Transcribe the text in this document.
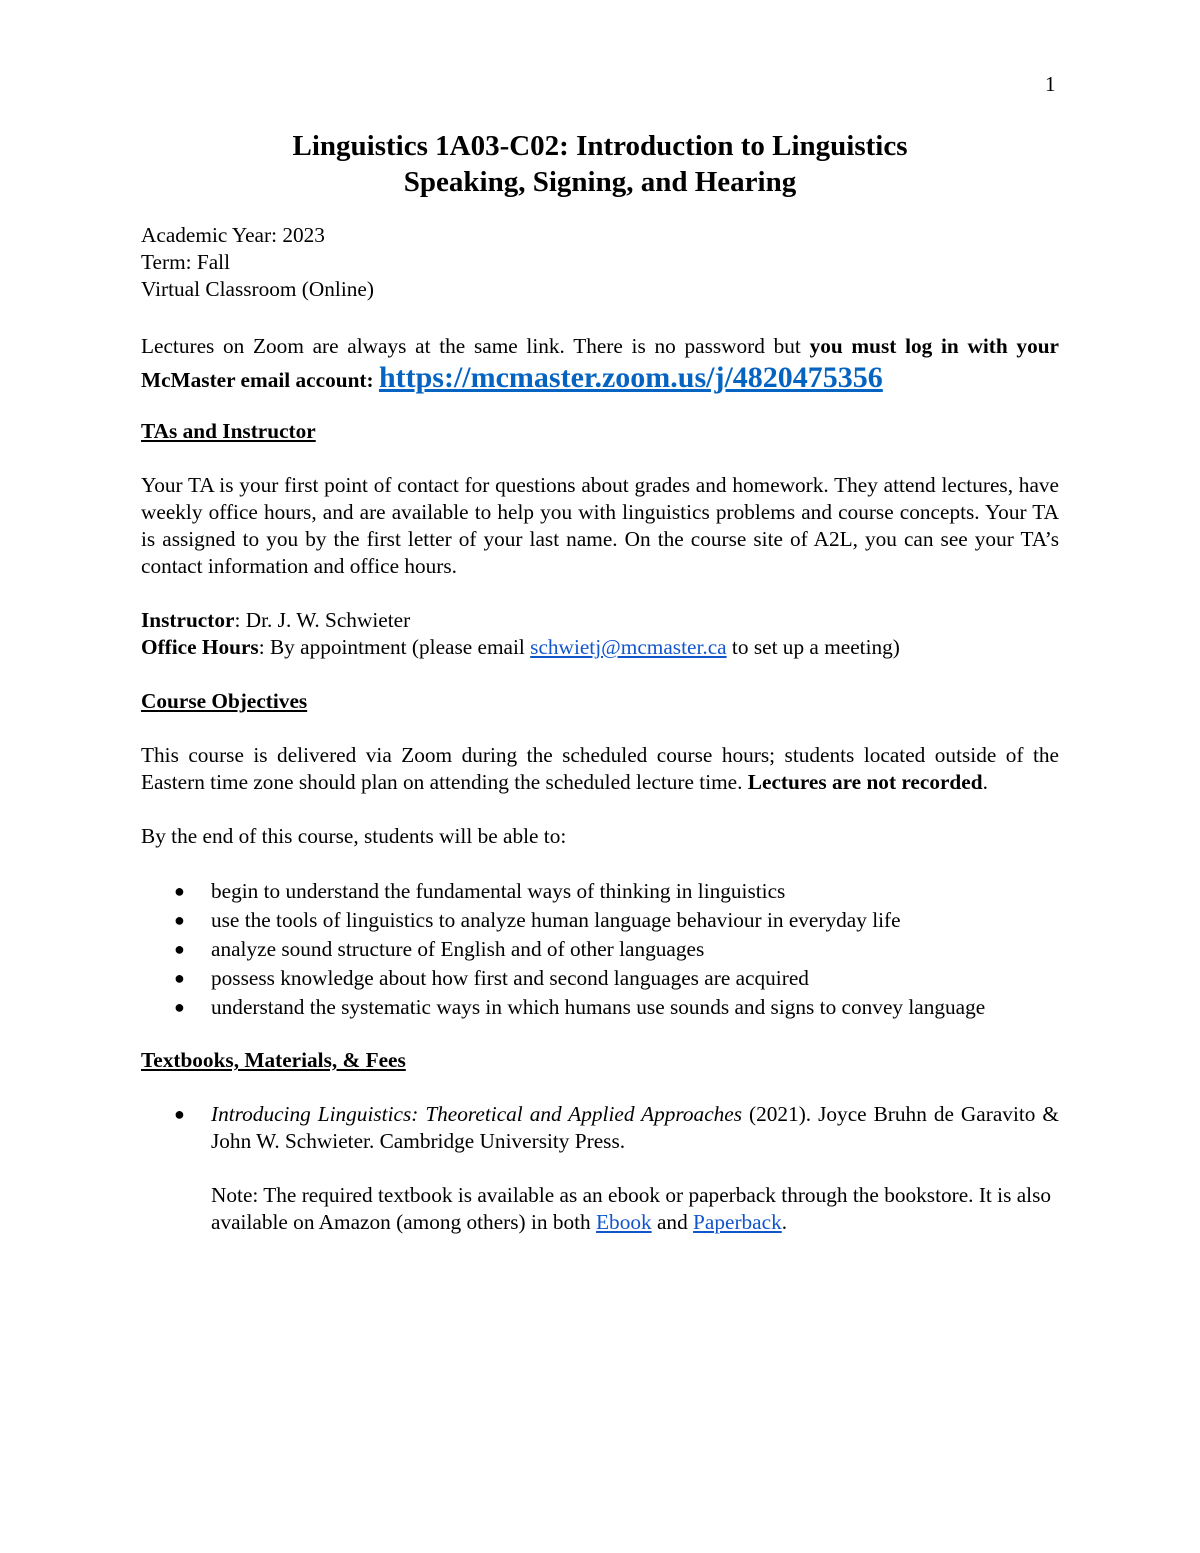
1

Linguistics 1A03-C02: Introduction to Linguistics

Speaking, Signing, and Hearing

Academic Year: 2023

Term: Fall

Virtual Classroom (Online)

Lectures on Zoom are always at the same link. There is no password but you must log in with your McMaster email account: https://mcmaster.zoom.us/j/4820475356

TAs and Instructor

Your TA is your first point of contact for questions about grades and homework. They attend lectures, have weekly office hours, and are available to help you with linguistics problems and course concepts. Your TA is assigned to you by the first letter of your last name. On the course site of A2L, you can see your TA’s contact information and office hours.

Instructor: Dr. J. W. Schwieter

Office Hours: By appointment (please email schwietj@mcmaster.ca to set up a meeting)

Course Objectives

This course is delivered via Zoom during the scheduled course hours; students located outside of the Eastern time zone should plan on attending the scheduled lecture time. Lectures are not recorded.

By the end of this course, students will be able to:

● begin to understand the fundamental ways of thinking in linguistics
● use the tools of linguistics to analyze human language behaviour in everyday life
● analyze sound structure of English and of other languages
● possess knowledge about how first and second languages are acquired
● understand the systematic ways in which humans use sounds and signs to convey language

Textbooks, Materials, & Fees

● Introducing Linguistics: Theoretical and Applied Approaches (2021). Joyce Bruhn de Garavito & John W. Schwieter. Cambridge University Press.

Note: The required textbook is available as an ebook or paperback through the bookstore. It is also available on Amazon (among others) in both Ebook and Paperback.
